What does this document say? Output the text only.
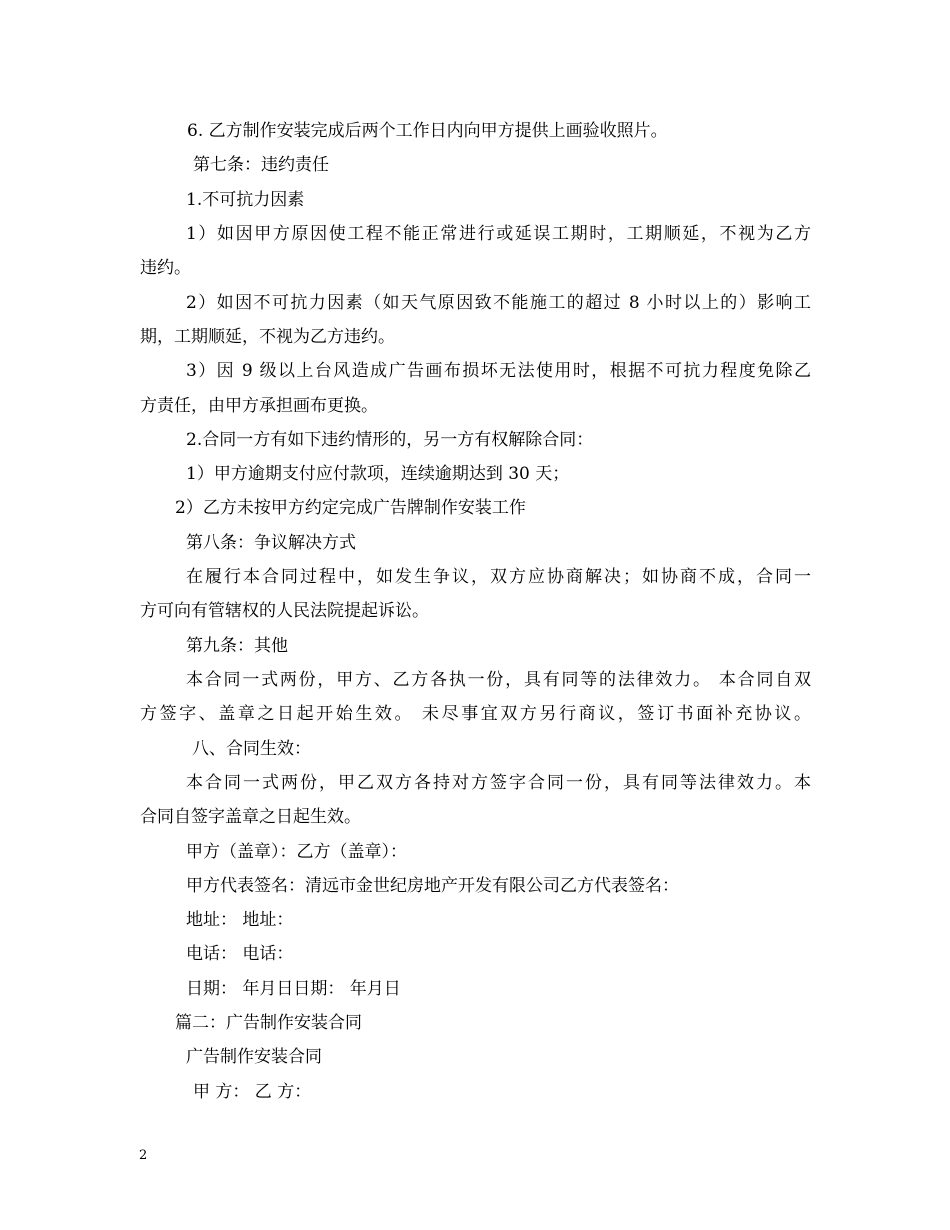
6. 乙方制作安装完成后两个工作日内向甲方提供上画验收照片。
第七条：违约责任
1.不可抗力因素
1）如因甲方原因使工程不能正常进行或延误工期时，工期顺延，不视为乙方
违约。
2）如因不可抗力因素（如天气原因致不能施工的超过 8 小时以上的）影响工
期，工期顺延，不视为乙方违约。
3）因 9 级以上台风造成广告画布损坏无法使用时，根据不可抗力程度免除乙
方责任，由甲方承担画布更换。
2.合同一方有如下违约情形的，另一方有权解除合同：
1）甲方逾期支付应付款项，连续逾期达到 30 天；
2）乙方未按甲方约定完成广告牌制作安装工作
第八条：争议解决方式
在履行本合同过程中，如发生争议，双方应协商解决；如协商不成，合同一
方可向有管辖权的人民法院提起诉讼。
第九条：其他
本合同一式两份，甲方、乙方各执一份，具有同等的法律效力。 本合同自双
方签字、盖章之日起开始生效。 未尽事宜双方另行商议，签订书面补充协议。
八、合同生效：
本合同一式两份，甲乙双方各持对方签字合同一份，具有同等法律效力。本
合同自签字盖章之日起生效。
甲方（盖章）：乙方（盖章）：
甲方代表签名：清远市金世纪房地产开发有限公司乙方代表签名：
地址： 地址：
电话： 电话：
日期： 年月日日期： 年月日
篇二：广告制作安装合同
广告制作安装合同
甲 方： 乙 方：
2
